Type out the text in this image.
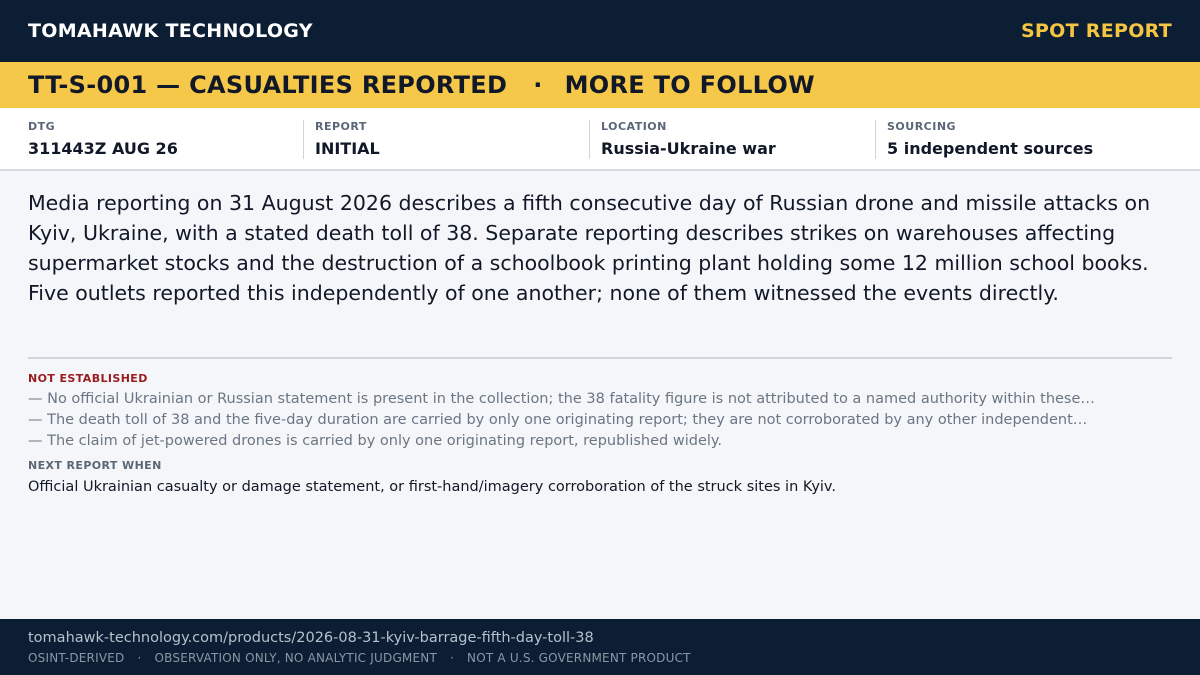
TOMAHAWK TECHNOLOGY	SPOT REPORT
TT-S-001 — CASUALTIES REPORTED · MORE TO FOLLOW
DTG
311443Z AUG 26
REPORT
INITIAL
LOCATION
Russia-Ukraine war
SOURCING
5 independent sources

Media reporting on 31 August 2026 describes a fifth consecutive day of Russian drone and missile attacks on Kyiv, Ukraine, with a stated death toll of 38. Separate reporting describes strikes on warehouses affecting supermarket stocks and the destruction of a schoolbook printing plant holding some 12 million school books. Five outlets reported this independently of one another; none of them witnessed the events directly.

NOT ESTABLISHED
— No official Ukrainian or Russian statement is present in the collection; the 38 fatality figure is not attributed to a named authority within these…
— The death toll of 38 and the five-day duration are carried by only one originating report; they are not corroborated by any other independent…
— The claim of jet-powered drones is carried by only one originating report, republished widely.
NEXT REPORT WHEN
Official Ukrainian casualty or damage statement, or first-hand/imagery corroboration of the struck sites in Kyiv.
tomahawk-technology.com/products/2026-08-31-kyiv-barrage-fifth-day-toll-38
OSINT-DERIVED · OBSERVATION ONLY, NO ANALYTIC JUDGMENT · NOT A U.S. GOVERNMENT PRODUCT
